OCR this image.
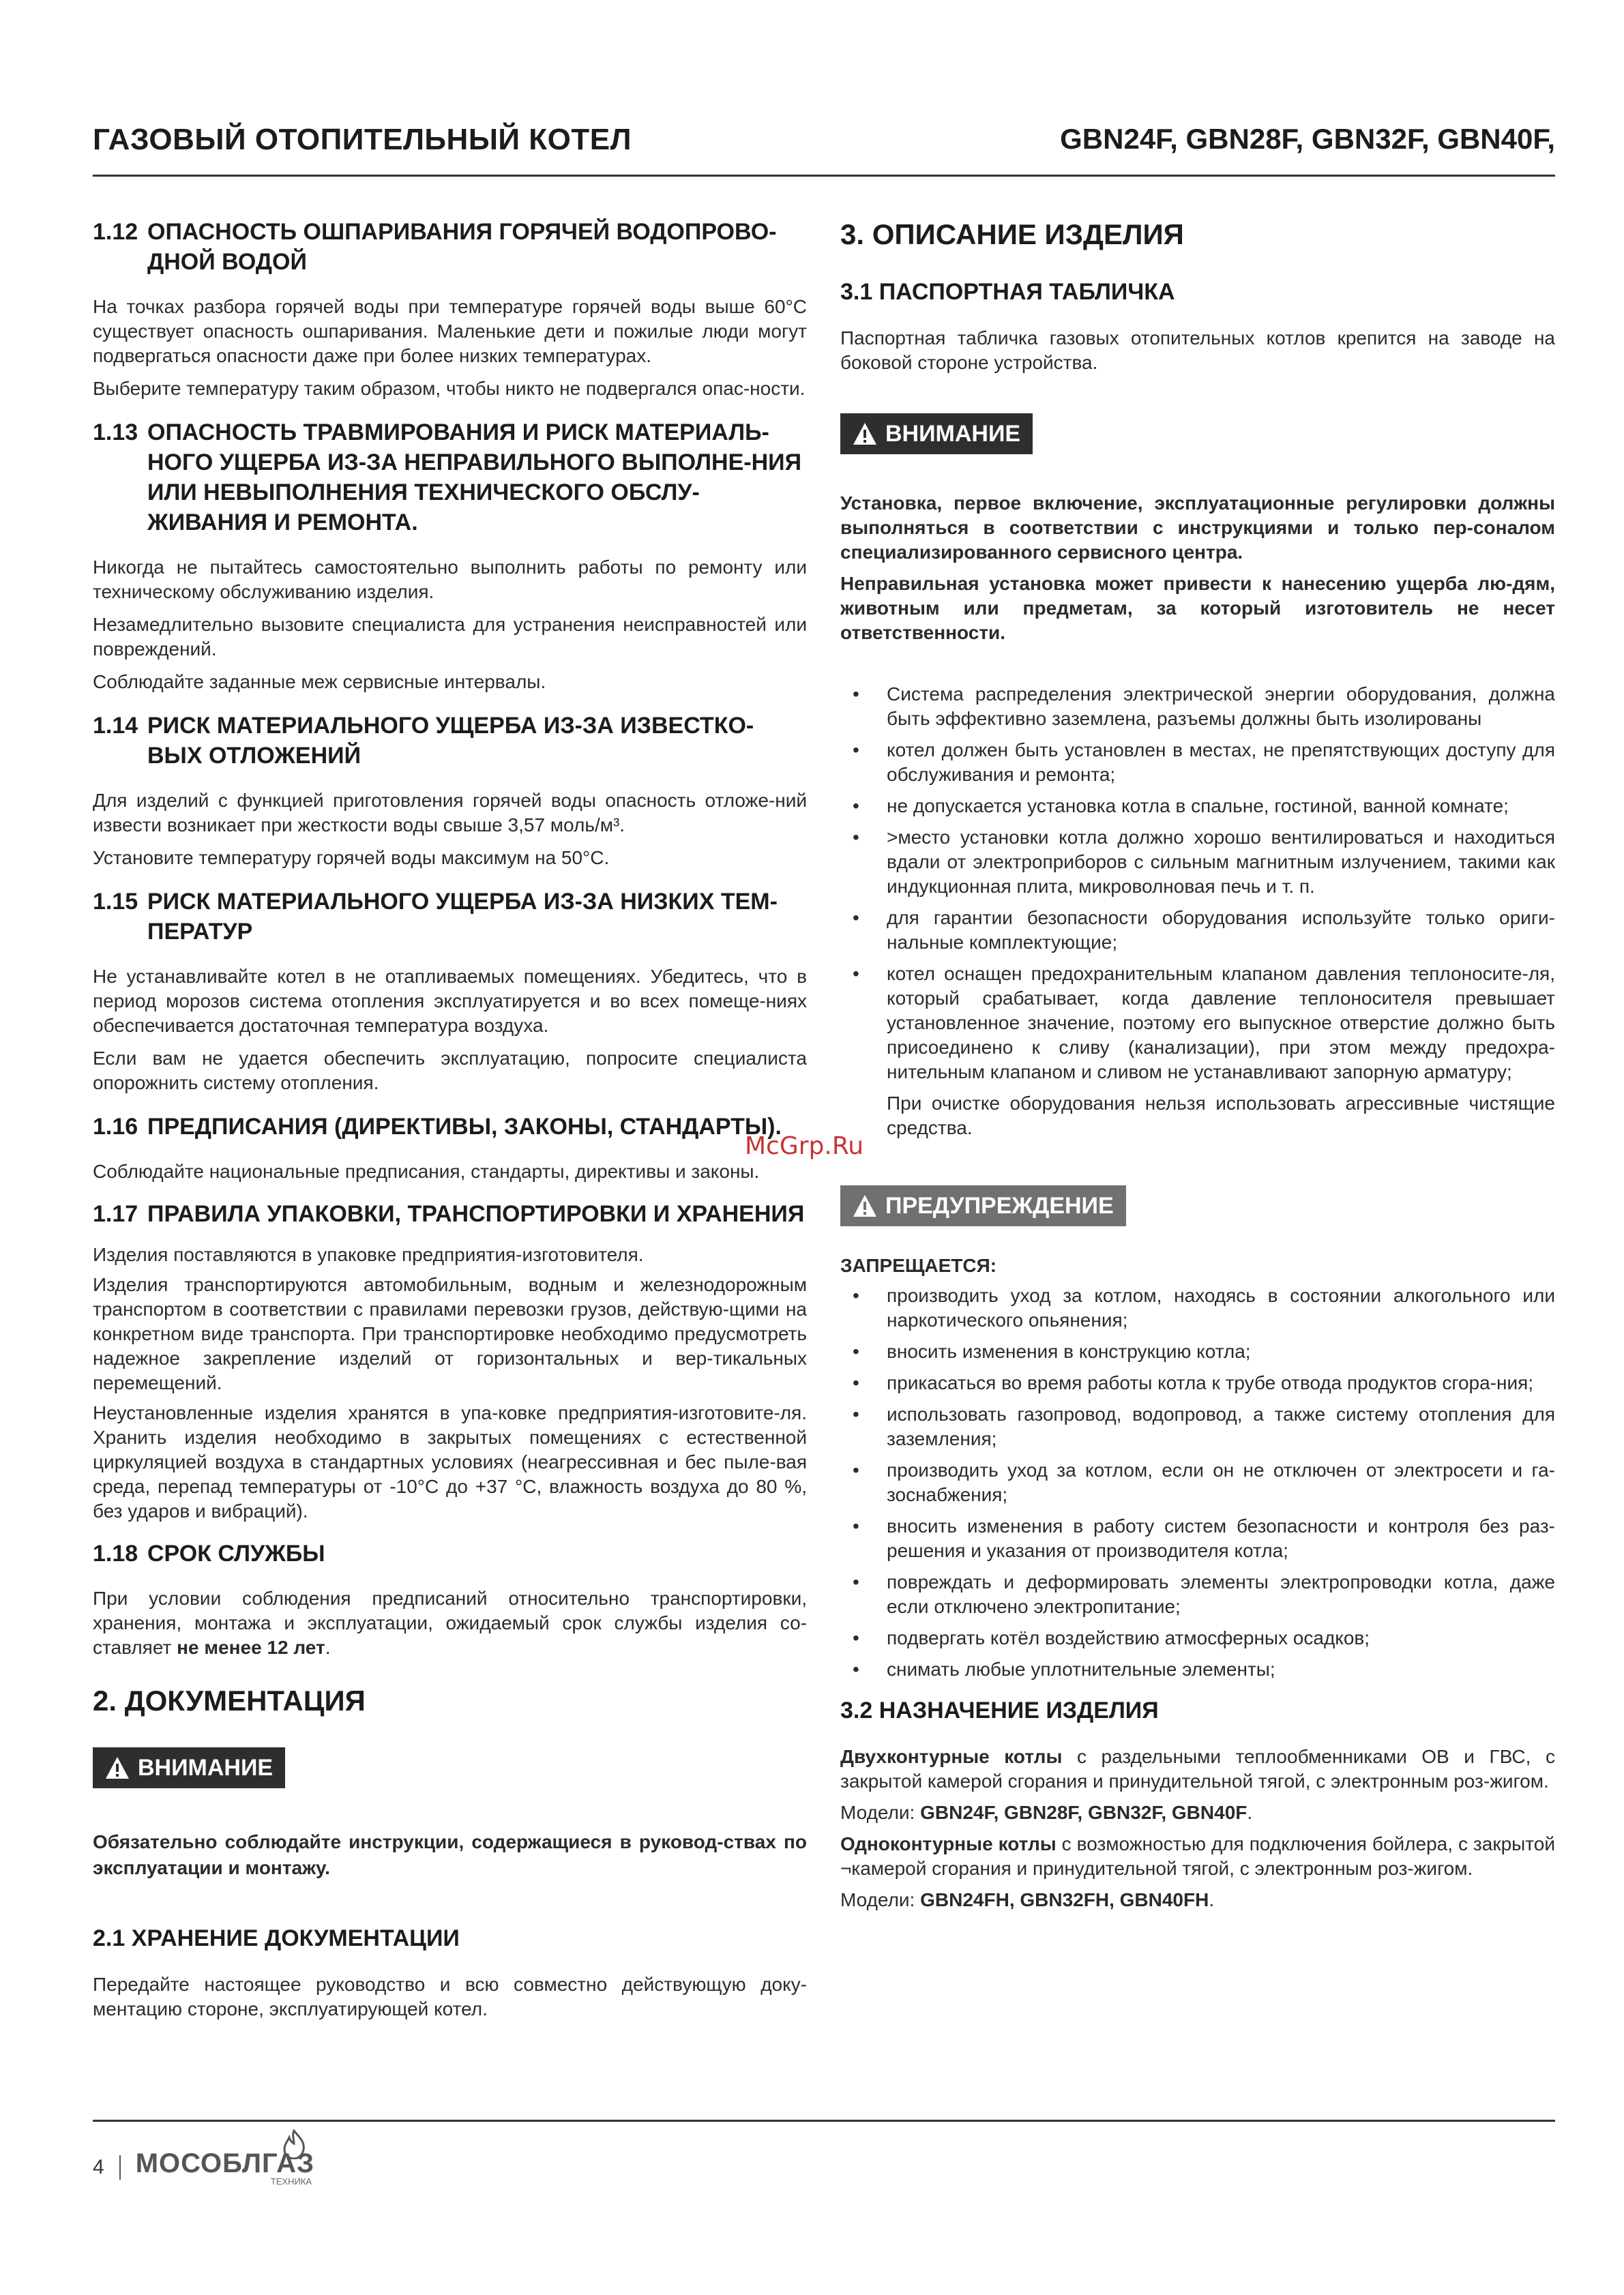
ГАЗОВЫЙ ОТОПИТЕЛЬНЫЙ КОТЕЛ	GBN24F, GBN28F, GBN32F, GBN40F,
1.12 ОПАСНОСТЬ ОШПАРИВАНИЯ ГОРЯЧЕЙ ВОДОПРОВО-ДНОЙ ВОДОЙ

На точках разбора горячей воды при температуре горячей воды выше 60°С существует опасность ошпаривания. Маленькие дети и пожилые люди могут подвергаться опасности даже при более низких температурах.

Выберите температуру таким образом, чтобы никто не подвергался опас-ности.

1.13 ОПАСНОСТЬ ТРАВМИРОВАНИЯ И РИСК МАТЕРИАЛЬ-НОГО УЩЕРБА ИЗ-ЗА НЕПРАВИЛЬНОГО ВЫПОЛНЕ-НИЯ ИЛИ НЕВЫПОЛНЕНИЯ ТЕХНИЧЕСКОГО ОБСЛУ-ЖИВАНИЯ И РЕМОНТА.

Никогда не пытайтесь самостоятельно выполнить работы по ремонту или техническому обслуживанию изделия.

Незамедлительно вызовите специалиста для устранения неисправностей или повреждений.

Соблюдайте заданные меж сервисные интервалы.

1.14 РИСК МАТЕРИАЛЬНОГО УЩЕРБА ИЗ-ЗА ИЗВЕСТКО-ВЫХ ОТЛОЖЕНИЙ

Для изделий с функцией приготовления горячей воды опасность отложе-ний извести возникает при жесткости воды свыше 3,57 моль/м³.

Установите температуру горячей воды максимум на 50°С.

1.15 РИСК МАТЕРИАЛЬНОГО УЩЕРБА ИЗ-ЗА НИЗКИХ ТЕМ-ПЕРАТУР

Не устанавливайте котел в не отапливаемых помещениях. Убедитесь, что в период морозов система отопления эксплуатируется и во всех помеще-ниях обеспечивается достаточная температура воздуха.

Если вам не удается обеспечить эксплуатацию, попросите специалиста опорожнить систему отопления.

1.16 ПРЕДПИСАНИЯ (ДИРЕКТИВЫ, ЗАКОНЫ, СТАНДАРТЫ).

Соблюдайте национальные предписания, стандарты, директивы и законы.

1.17 ПРАВИЛА УПАКОВКИ, ТРАНСПОРТИРОВКИ И ХРАНЕНИЯ

Изделия поставляются в упаковке предприятия-изготовителя.

Изделия транспортируются автомобильным, водным и железнодорожным транспортом в соответствии с правилами перевозки грузов, действую-щими на конкретном виде транспорта. При транспортировке необходимо предусмотреть надежное закрепление изделий от горизонтальных и вер-тикальных перемещений.

Неустановленные изделия хранятся в упа-ковке предприятия-изготовите-ля. Хранить изделия необходимо в закрытых помещениях с естественной циркуляцией воздуха в стандартных условиях (неагрессивная и бес пыле-вая среда, перепад температуры от -10°С до +37 °С, влажность воздуха до 80 %, без ударов и вибраций).

1.18 СРОК СЛУЖБЫ

При условии соблюдения предписаний относительно транспортировки, хранения, монтажа и эксплуатации, ожидаемый срок службы изделия со-ставляет не менее 12 лет.

2. ДОКУМЕНТАЦИЯ
ВНИМАНИЕ

Обязательно соблюдайте инструкции, содержащиеся в руковод-ствах по эксплуатации и монтажу.

2.1 ХРАНЕНИЕ ДОКУМЕНТАЦИИ

Передайте настоящее руководство и всю совместно действующую доку-ментацию стороне, эксплуатирующей котел.

3. ОПИСАНИЕ ИЗДЕЛИЯ
3.1 ПАСПОРТНАЯ ТАБЛИЧКА

Паспортная табличка газовых отопительных котлов крепится на заводе на боковой стороне устройства.

ВНИМАНИЕ

Установка, первое включение, эксплуатационные регулировки должны выполняться в соответствии с инструкциями и только пер-соналом специализированного сервисного центра.

Неправильная установка может привести к нанесению ущерба лю-дям, животным или предметам, за который изготовитель не несет ответственности.

• Система распределения электрической энергии оборудования, должна быть эффективно заземлена, разъемы должны быть изолированы
• котел должен быть установлен в местах, не препятствующих доступу для обслуживания и ремонта;
• не допускается установка котла в спальне, гостиной, ванной комнате;
• >место установки котла должно хорошо вентилироваться и находиться вдали от электроприборов с сильным магнитным излучением, такими как индукционная плита, микроволновая печь и т. п.
• для гарантии безопасности оборудования используйте только ориги-нальные комплектующие;
• котел оснащен предохранительным клапаном давления теплоносите-ля, который срабатывает, когда давление теплоносителя превышает установленное значение, поэтому его выпускное отверстие должно быть присоединено к сливу (канализации), при этом между предохра-нительным клапаном и сливом не устанавливают запорную арматуру;
При очистке оборудования нельзя использовать агрессивные чистящие средства.
ПРЕДУПРЕЖДЕНИЕ

ЗАПРЕЩАЕТСЯ:

• производить уход за котлом, находясь в состоянии алкогольного или наркотического опьянения;
• вносить изменения в конструкцию котла;
• прикасаться во время работы котла к трубе отвода продуктов сгора-ния;
• использовать газопровод, водопровод, а также систему отопления для заземления;
• производить уход за котлом, если он не отключен от электросети и га-зоснабжения;
• вносить изменения в работу систем безопасности и контроля без раз-решения и указания от производителя котла;
• повреждать и деформировать элементы электропроводки котла, даже если отключено электропитание;
• подвергать котёл воздействию атмосферных осадков;
• снимать любые уплотнительные элементы;
3.2 НАЗНАЧЕНИЕ ИЗДЕЛИЯ

Двухконтурные котлы с раздельными теплообменниками ОВ и ГВС, с закрытой камерой сгорания и принудительной тягой, с электронным роз-жигом.

Модели: GBN24F, GBN28F, GBN32F, GBN40F.

Одноконтурные котлы с возможностью для подключения бойлера, с закрытой ¬камерой сгорания и принудительной тягой, с электронным роз-жигом.

Модели: GBN24FH, GBN32FH, GBN40FH.

McGrp.Ru
4 МОСОБЛГАЗ
ТЕХНИКА
